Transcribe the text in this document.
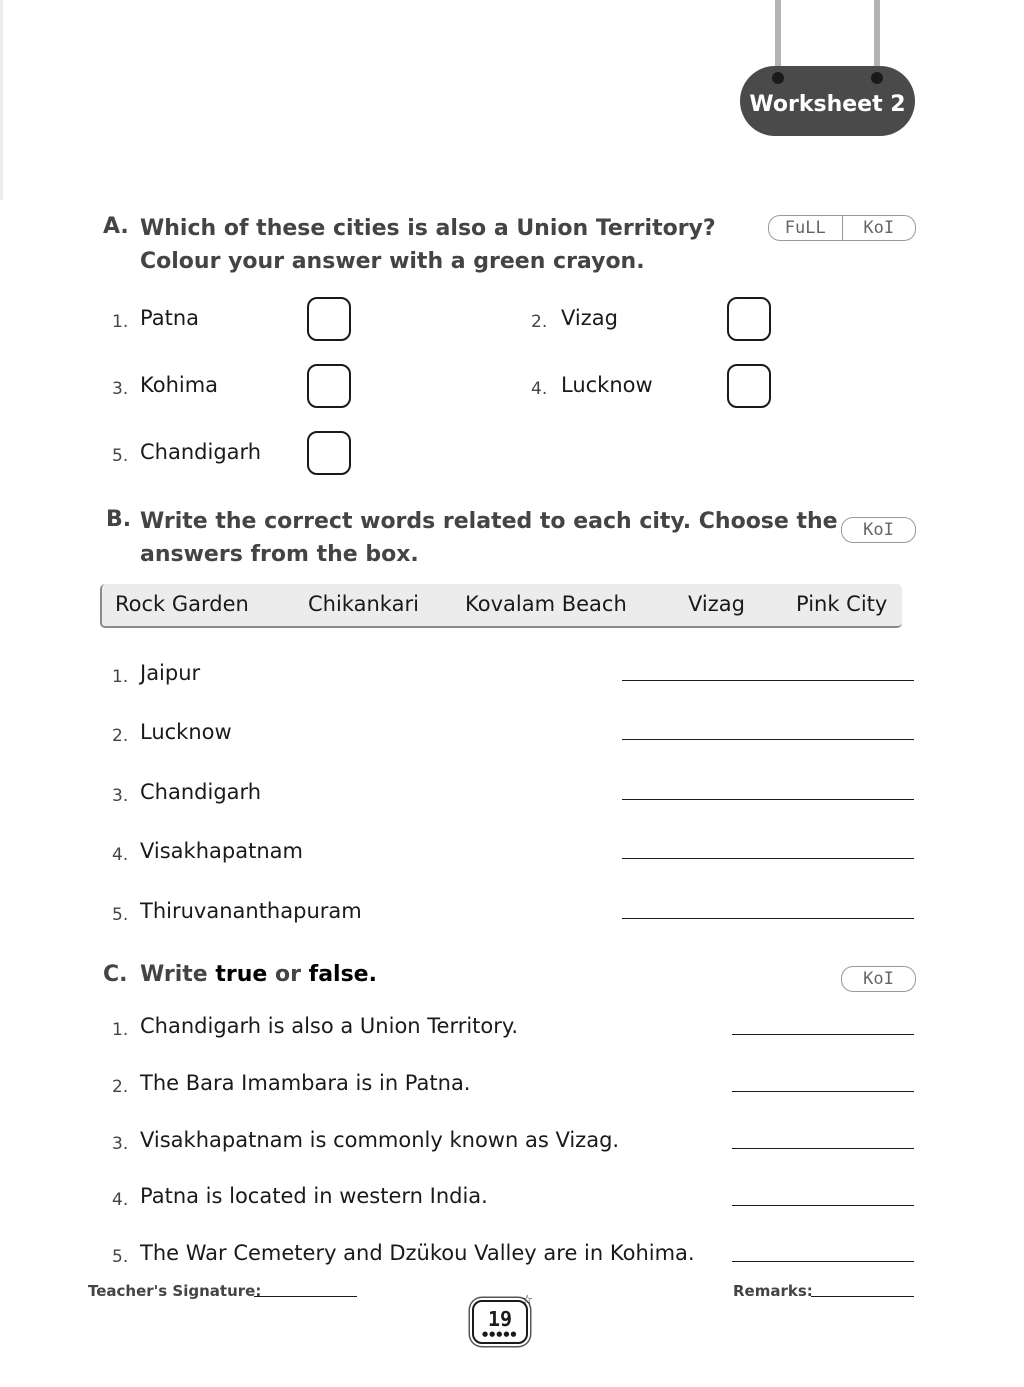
Worksheet 2
A. Which of these cities is also a Union Territory?
Colour your answer with a green crayon.
FuLL	KoI
1. Patna	2. Vizag
3. Kohima	4. Lucknow
5. Chandigarh
B. Write the correct words related to each city. Choose the
answers from the box.
KoI
Rock Garden	Chikankari Kovalam Beach	Vizag Pink City
1. Jaipur
2. Lucknow
3. Chandigarh
4. Visakhapatnam
5. Thiruvananthapuram
C. Write true or false.	KoI
1. Chandigarh is also a Union Territory.
2. The Bara Imambara is in Patna.
3. Visakhapatnam is commonly known as Vizag.
4. Patna is located in western India.
5. The War Cemetery and Dzükou Valley are in Kohima.
Teacher's Signature:	Remarks:
19
●●●●●
☆
